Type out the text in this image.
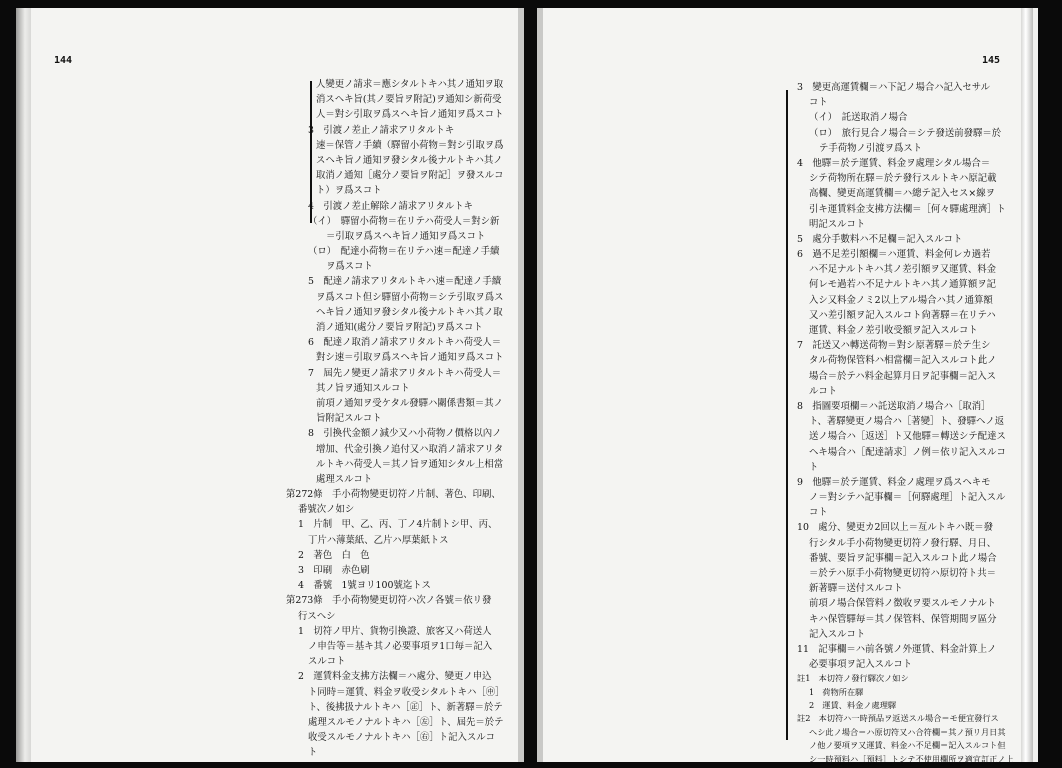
144	145
人變更ノ請求＝應シタルトキハ其ノ通知ヲ取
消スヘキ旨(其ノ要旨ヲ附記)ヲ通知シ新荷受
人＝對シ引取ヲ爲スヘキ旨ノ通知ヲ爲スコト
3　引渡ノ差止ノ請求アリタルトキ
速＝保管ノ手續（驛留小荷物＝對シ引取ヲ爲
スヘキ旨ノ通知ヲ發シタル後ナルトキハ其ノ
取消ノ通知［處分ノ要旨ヲ附記］ヲ發スルコ
ト）ヲ爲スコト
4　引渡ノ差止解除ノ請求アリタルトキ
（イ）　驛留小荷物＝在リテハ荷受人＝對シ新
＝引取ヲ爲スヘキ旨ノ通知ヲ爲スコト
（ロ）　配達小荷物＝在リテハ速＝配達ノ手續
ヲ爲スコト
5　配達ノ請求アリタルトキハ速＝配達ノ手續
ヲ爲スコト但シ驛留小荷物＝シテ引取ヲ爲ス
ヘキ旨ノ通知ヲ發シタル後ナルトキハ其ノ取
消ノ通知(處分ノ要旨ヲ附記)ヲ爲スコト
6　配達ノ取消ノ請求アリタルトキハ荷受人＝
對シ速＝引取ヲ爲スヘキ旨ノ通知ヲ爲スコト
7　屆先ノ變更ノ請求アリタルトキハ荷受人＝
其ノ旨ヲ通知スルコト
前項ノ通知ヲ受ケタル發驛ハ關係書類＝其ノ
旨附記スルコト
8　引換代金額ノ減少又ハ小荷物ノ價格以內ノ
增加、代金引換ノ追付又ハ取消ノ請求アリタ
ルトキハ荷受人＝其ノ旨ヲ通知シタル上相當
處理スルコト
第272條　手小荷物變更切符ノ片制、著色、印刷、
番號次ノ如シ
1　片制　甲、乙、丙、丁ノ4片制トシ甲、丙、
丁片ハ薄葉紙、乙片ハ厚葉紙トス
2　著色　白　色
3　印刷　赤色刷
4　番號　1號ヨリ100號迄トス
第273條　手小荷物變更切符ハ次ノ各號＝依リ發
行スヘシ
1　切符ノ甲片、貨物引換證、旅客又ハ荷送人
ノ申告等＝基キ其ノ必要事項ヲ1口毎＝記入
スルコト
2　運賃料金支拂方法欄＝ハ處分、變更ノ申込
ト同時＝運賃、料金ヲ收受シタルトキハ［㊥］
ト、後拂扱ナルトキハ［㊣］ト、新著驛＝於テ
處理スルモノナルトキハ［㊧］ト、屆先＝於テ
收受スルモノナルトキハ［㊨］ト記入スルコ
ト
3　變更高運賃欄＝ハ下記ノ場合ハ記入セサル
コト
（イ）　託送取消ノ場合
（ロ）　旅行見合ノ場合＝シテ發送前發驛＝於
テ手荷物ノ引渡ヲ爲スト
4　他驛＝於テ運賃、料金ヲ處理シタル場合＝
シテ荷物所在驛＝於テ發行スルトキハ原記載
高欄、變更高運賃欄＝ハ總テ記入セス×線ヲ
引キ運賃料金支拂方法欄＝［何々驛處理濟］ト
明記スルコト
5　處分手數料ハ不足欄＝記入スルコト
6　過不足差引額欄＝ハ運賃、料金何レカ過若
ハ不足ナルトキハ其ノ差引額ヲ又運賃、料金
何レモ過若ハ不足ナルトキハ其ノ通算額ヲ記
入シ又料金ノミ2以上アル場合ハ其ノ通算額
又ハ差引額ヲ記入スルコト尙著驛＝在リテハ
運賃、料金ノ差引收受額ヲ記入スルコト
7　託送又ハ轉送荷物＝對シ原著驛＝於テ生シ
タル荷物保管料ハ相當欄＝記入スルコト此ノ
場合＝於テハ料金起算月日ヲ記事欄＝記入ス
ルコト
8　指圖要項欄＝ハ託送取消ノ場合ハ［取消］
ト、著驛變更ノ場合ハ［著變］ト、發驛ヘノ返
送ノ場合ハ［返送］ト又他驛＝轉送シテ配達ス
ヘキ場合ハ［配達請求］ノ例＝依リ記入スルコ
ト
9　他驛＝於テ運賃、料金ノ處理ヲ爲スヘキモ
ノ＝對シテハ記事欄＝［何驛處理］ト記入スル
コト
10　處分、變更カ2回以上＝亙ルトキハ既＝發
行シタル手小荷物變更切符ノ發行驛、月日、
番號、要旨ヲ記事欄＝記入スルコト此ノ場合
＝於テハ原手小荷物變更切符ハ原切符ト共＝
新著驛＝送付スルコト
前項ノ場合保管料ノ徴收ヲ要スルモノナルト
キハ保管驛毎＝其ノ保管料、保管期間ヲ區分
記入スルコト
11　記事欄＝ハ前各號ノ外運賃、料金計算上ノ
必要事項ヲ記入スルコト
註1　本切符ノ發行驛次ノ如シ
1　荷物所在驛
2　運賃、料金ノ處理驛
註2　本切符ハ一時預品ヲ返送スル場合＝モ便宜發行ス
ヘシ此ノ場合＝ハ原切符又ハ合符欄＝其ノ預リ月日其
ノ他ノ要項ヲ又運賃、料金ハ不足欄＝記入スルコト但
シ一時預料ハ［預料］トシテ不使用欄所ヲ適宜訂正ノ上
